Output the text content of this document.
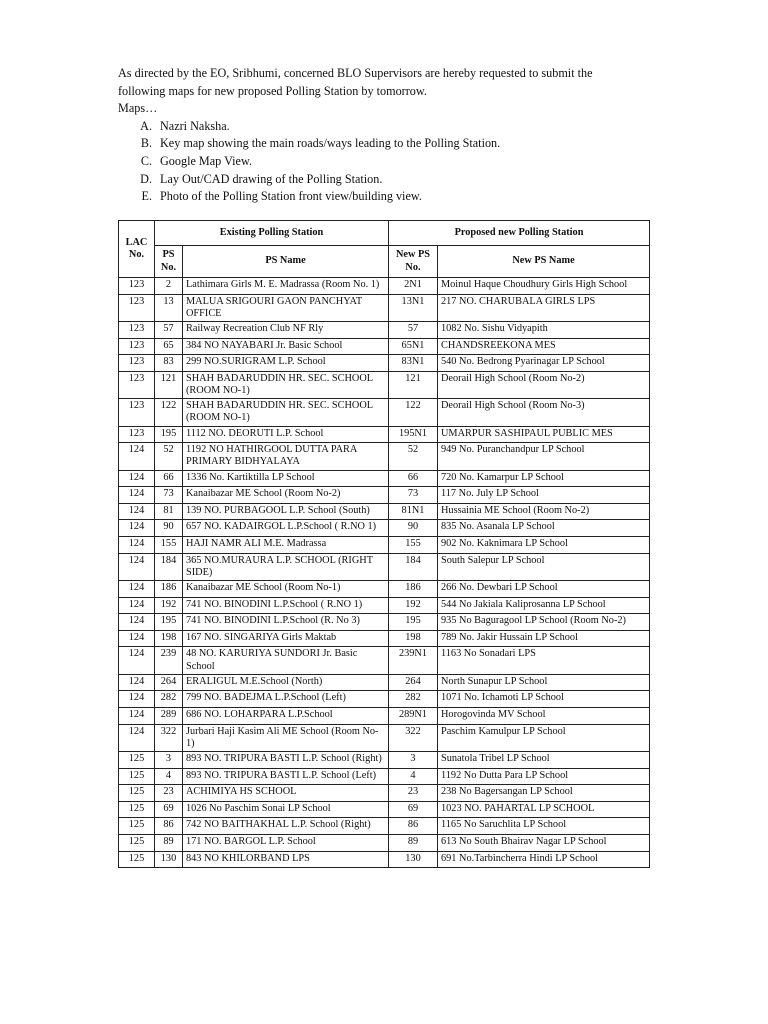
As directed by the EO, Sribhumi, concerned BLO Supervisors are hereby requested to submit the following maps for new proposed Polling Station by tomorrow.

Maps…

A. Nazri Naksha.
B. Key map showing the main roads/ways leading to the Polling Station.
C. Google Map View.
D. Lay Out/CAD drawing of the Polling Station.
E. Photo of the Polling Station front view/building view.
LAC No.	Existing Polling Station		Proposed new Polling Station	
	PS No.	PS Name	New PS No.	New PS Name
123	2	Lathimara Girls M. E. Madrassa (Room No. 1)	2N1	Moinul Haque Choudhury Girls High School
123	13	MALUA SRIGOURI GAON PANCHYAT OFFICE	13N1	217 NO. CHARUBALA GIRLS LPS
123	57	Railway Recreation Club NF Rly	57	1082 No. Sishu Vidyapith
123	65	384 NO NAYABARI Jr. Basic School	65N1	CHANDSREEKONA MES
123	83	299 NO.SURIGRAM L.P. School	83N1	540 No. Bedrong Pyarinagar LP School
123	121	SHAH BADARUDDIN HR. SEC. SCHOOL (ROOM NO-1)	121	Deorail High School (Room No-2)
123	122	SHAH BADARUDDIN HR. SEC. SCHOOL (ROOM NO-1)	122	Deorail High School (Room No-3)
123	195	1112 NO. DEORUTI L.P. School	195N1	UMARPUR SASHIPAUL PUBLIC MES
124	52	1192 NO HATHIRGOOL DUTTA PARA PRIMARY BIDHYALAYA	52	949 No. Puranchandpur LP School
124	66	1336 No. Kartiktilla LP School	66	720 No. Kamarpur LP School
124	73	Kanaibazar ME School (Room No-2)	73	117 No. July LP School
124	81	139 NO. PURBAGOOL L.P. School (South)	81N1	Hussainia ME School (Room No-2)
124	90	657 NO. KADAIRGOL L.P.School ( R.NO 1)	90	835 No. Asanala LP School
124	155	HAJI NAMR ALI M.E. Madrassa	155	902 No. Kaknimara LP School
124	184	365 NO.MURAURA L.P. SCHOOL (RIGHT SIDE)	184	South Salepur LP School
124	186	Kanaibazar ME School (Room No-1)	186	266 No. Dewbari LP School
124	192	741 NO. BINODINI L.P.School ( R.NO 1)	192	544 No Jakiala Kaliprosanna LP School
124	195	741 NO. BINODINI L.P.School (R. No 3)	195	935 No Baguragool LP School (Room No-2)
124	198	167 NO. SINGARIYA Girls Maktab	198	789 No. Jakir Hussain LP School
124	239	48 NO. KARURIYA SUNDORI Jr. Basic School	239N1	1163 No Sonadari LPS
124	264	ERALIGUL M.E.School (North)	264	North Sunapur LP School
124	282	799 NO. BADEJMA L.P.School (Left)	282	1071 No. Ichamoti LP School
124	289	686 NO. LOHARPARA L.P.School	289N1	Horogovinda MV School
124	322	Jurbari Haji Kasim Ali ME School (Room No-1)	322	Paschim Kamulpur LP School
125	3	893 NO. TRIPURA BASTI L.P. School (Right)	3	Sunatola Tribel LP School
125	4	893 NO. TRIPURA BASTI L.P. School (Left)	4	1192 No Dutta Para LP School
125	23	ACHIMIYA HS SCHOOL	23	238 No Bagersangan LP School
125	69	1026 No Paschim Sonai LP School	69	1023 NO. PAHARTAL LP SCHOOL
125	86	742 NO BAITHAKHAL L.P. School (Right)	86	1165 No Saruchlita LP School
125	89	171 NO. BARGOL L.P. School	89	613 No South Bhairav Nagar LP School
125	130	843 NO KHILORBAND LPS	130	691 No.Tarbincherra Hindi LP School
